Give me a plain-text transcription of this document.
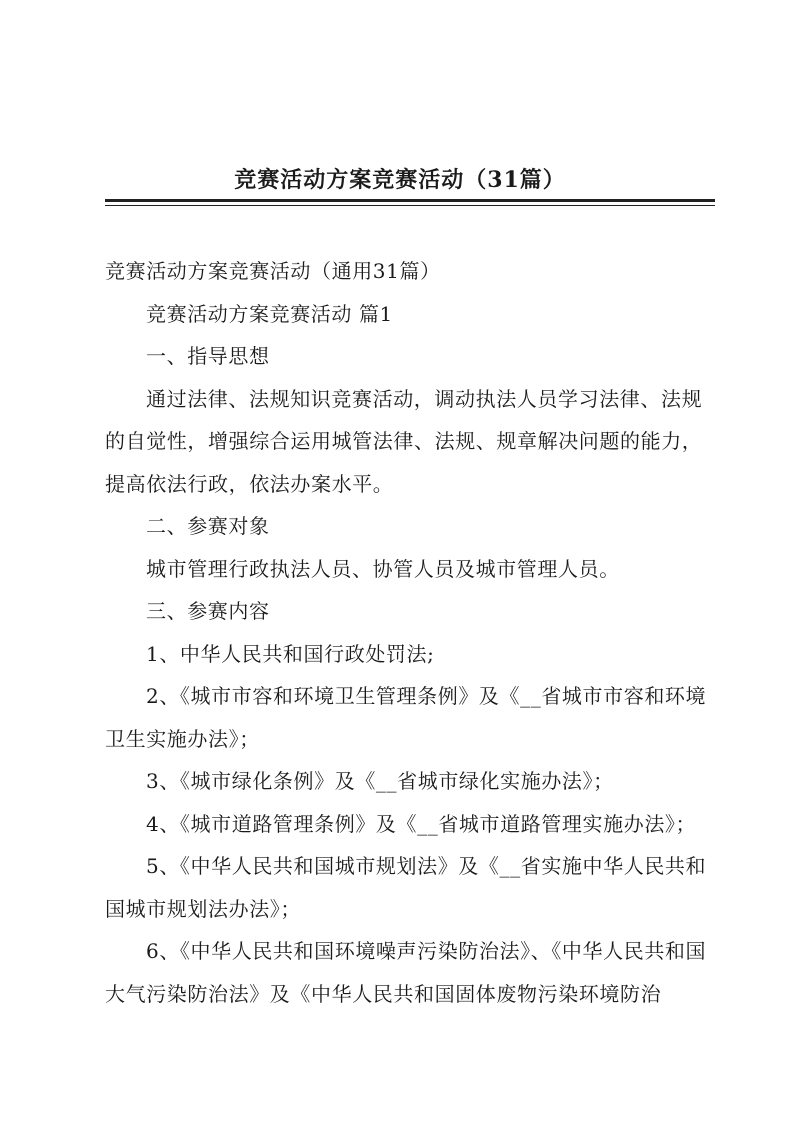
竞赛活动方案竞赛活动（31篇）

竞赛活动方案竞赛活动（通用31篇）

竞赛活动方案竞赛活动 篇1

一、指导思想

通过法律、法规知识竞赛活动，调动执法人员学习法律、法规的自觉性，增强综合运用城管法律、法规、规章解决问题的能力，提高依法行政，依法办案水平。

二、参赛对象

城市管理行政执法人员、协管人员及城市管理人员。

三、参赛内容

1、中华人民共和国行政处罚法;

2、《城市市容和环境卫生管理条例》及《__省城市市容和环境卫生实施办法》；

3、《城市绿化条例》及《__省城市绿化实施办法》；

4、《城市道路管理条例》及《__省城市道路管理实施办法》；

5、《中华人民共和国城市规划法》及《__省实施中华人民共和国城市规划法办法》；

6、《中华人民共和国环境噪声污染防治法》、《中华人民共和国大气污染防治法》及《中华人民共和国固体废物污染环境防治
